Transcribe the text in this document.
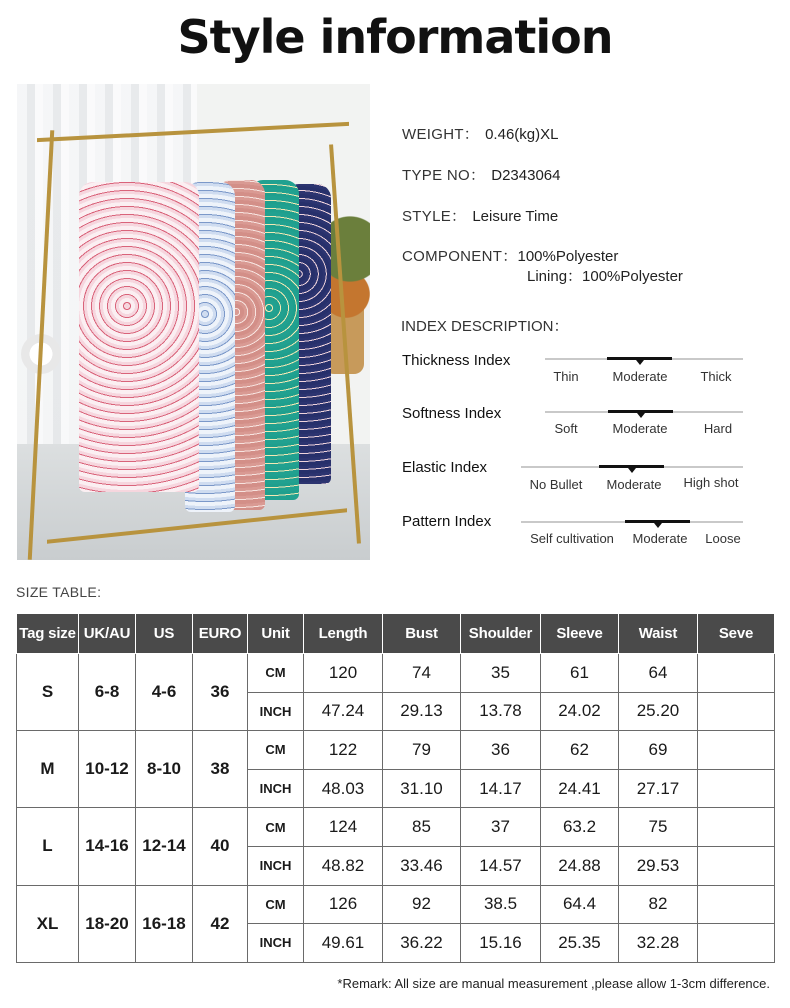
Style information
WEIGHT： 0.46(kg)XL
TYPE NO： D2343064
STYLE： Leisure Time
COMPONENT：100%Polyester
Lining：100%Polyester
INDEX DESCRIPTION：
Thickness Index
Thin	Moderate	Thick
Softness Index
Soft	Moderate	Hard
Elastic Index
No Bullet	Moderate	High shot
Pattern Index
Self cultivation	Moderate	Loose
SIZE TABLE:
Tag size	UK/AU	US	EURO	Unit	Length	Bust	Shoulder	Sleeve	Waist	Seve
S	6-8	4-6	36	CM	120	74	35	61	64	
				INCH	47.24	29.13	13.78	24.02	25.20	
M	10-12	8-10	38	CM	122	79	36	62	69	
				INCH	48.03	31.10	14.17	24.41	27.17	
L	14-16	12-14	40	CM	124	85	37	63.2	75	
				INCH	48.82	33.46	14.57	24.88	29.53	
XL	18-20	16-18	42	CM	126	92	38.5	64.4	82	
				INCH	49.61	36.22	15.16	25.35	32.28	
*Remark: All size are manual measurement ,please allow 1-3cm difference.
